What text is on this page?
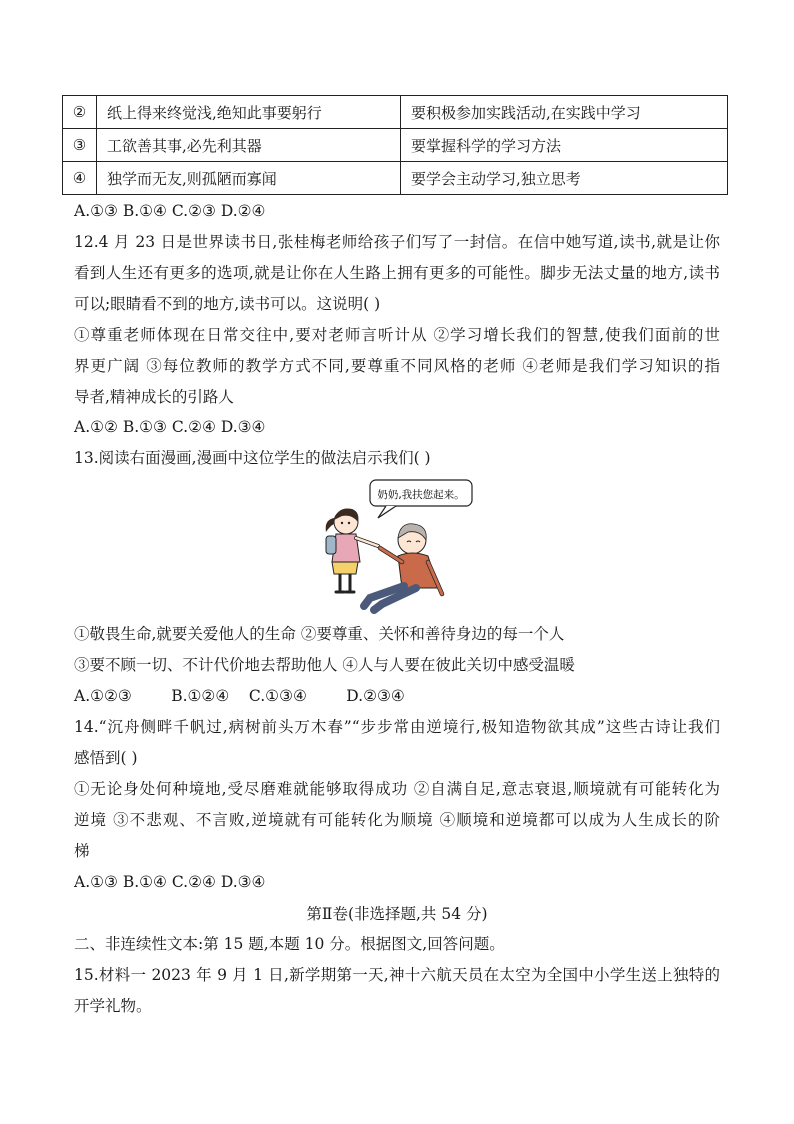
②	纸上得来终觉浅,绝知此事要躬行	要积极参加实践活动,在实践中学习
③	工欲善其事,必先利其器	要掌握科学的学习方法
④	独学而无友,则孤陋而寡闻	要学会主动学习,独立思考
A.①③ B.①④ C.②③ D.②④
12.4 月 23 日是世界读书日,张桂梅老师给孩子们写了一封信。在信中她写道,读书,就是让你
看到人生还有更多的选项,就是让你在人生路上拥有更多的可能性。脚步无法丈量的地方,读书
可以;眼睛看不到的地方,读书可以。这说明( )
①尊重老师体现在日常交往中,要对老师言听计从 ②学习增长我们的智慧,使我们面前的世
界更广阔 ③每位教师的教学方式不同,要尊重不同风格的老师 ④老师是我们学习知识的指
导者,精神成长的引路人
A.①② B.①③ C.②④ D.③④
13.阅读右面漫画,漫画中这位学生的做法启示我们( )
奶奶,我扶您起来。
①敬畏生命,就要关爱他人的生命 ②要尊重、关怀和善待身边的每一个人
③要不顾一切、不计代价地去帮助他人 ④人与人要在彼此关切中感受温暖
A.①②③        B.①②④    C.①③④        D.②③④
14.“沉舟侧畔千帆过,病树前头万木春”“步步常由逆境行,极知造物欲其成”这些古诗让我们
感悟到( )
①无论身处何种境地,受尽磨难就能够取得成功 ②自满自足,意志衰退,顺境就有可能转化为
逆境 ③不悲观、不言败,逆境就有可能转化为顺境 ④顺境和逆境都可以成为人生成长的阶
梯
A.①③ B.①④ C.②④ D.③④
第Ⅱ卷(非选择题,共 54 分)
二、非连续性文本:第 15 题,本题 10 分。根据图文,回答问题。
15.材料一 2023 年 9 月 1 日,新学期第一天,神十六航天员在太空为全国中小学生送上独特的
开学礼物。
